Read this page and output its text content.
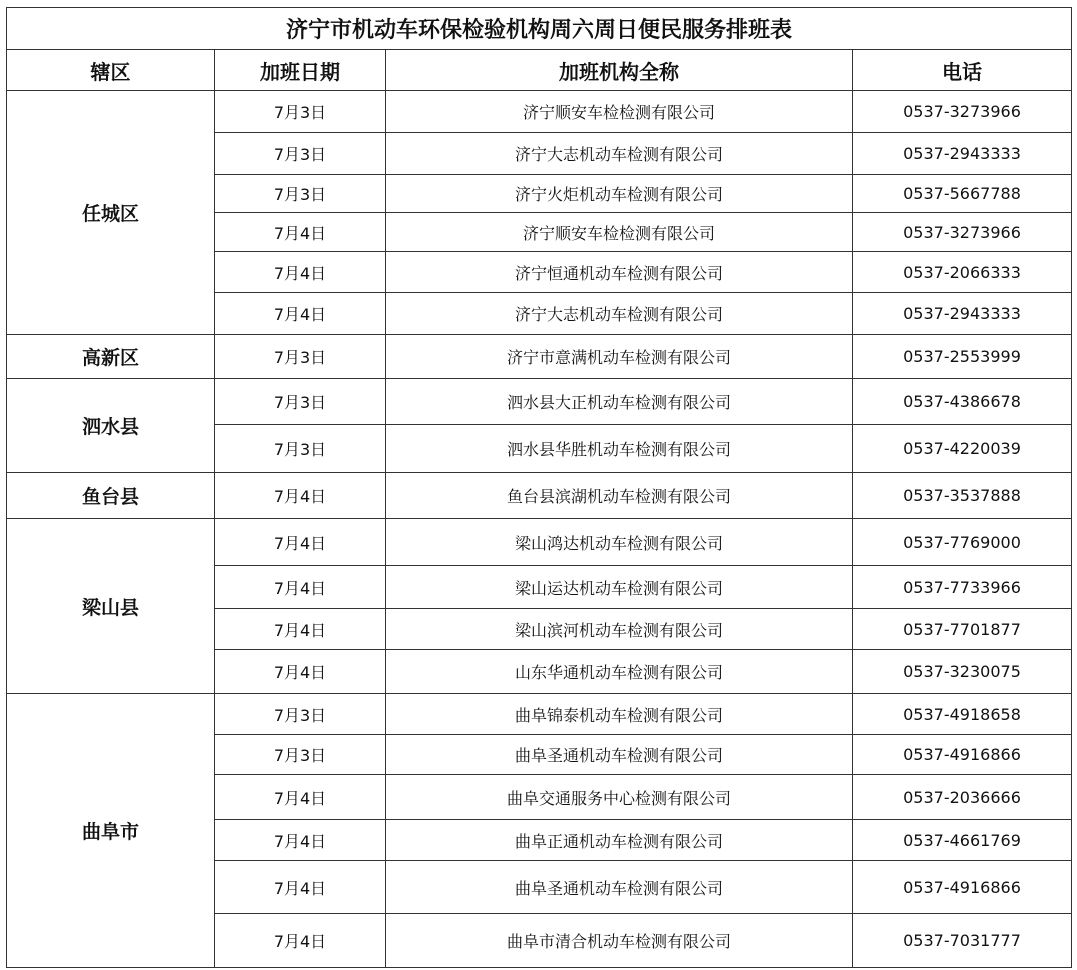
济宁市机动车环保检验机构周六周日便民服务排班表			
辖区	加班日期	加班机构全称	电话
任城区	7月3日	济宁顺安车检检测有限公司	0537-3273966
	7月3日	济宁大志机动车检测有限公司	0537-2943333
	7月3日	济宁火炬机动车检测有限公司	0537-5667788
	7月4日	济宁顺安车检检测有限公司	0537-3273966
	7月4日	济宁恒通机动车检测有限公司	0537-2066333
	7月4日	济宁大志机动车检测有限公司	0537-2943333
高新区	7月3日	济宁市意满机动车检测有限公司	0537-2553999
泗水县	7月3日	泗水县大正机动车检测有限公司	0537-4386678
	7月3日	泗水县华胜机动车检测有限公司	0537-4220039
鱼台县	7月4日	鱼台县滨湖机动车检测有限公司	0537-3537888
梁山县	7月4日	梁山鸿达机动车检测有限公司	0537-7769000
	7月4日	梁山运达机动车检测有限公司	0537-7733966
	7月4日	梁山滨河机动车检测有限公司	0537-7701877
	7月4日	山东华通机动车检测有限公司	0537-3230075
曲阜市	7月3日	曲阜锦泰机动车检测有限公司	0537-4918658
	7月3日	曲阜圣通机动车检测有限公司	0537-4916866
	7月4日	曲阜交通服务中心检测有限公司	0537-2036666
	7月4日	曲阜正通机动车检测有限公司	0537-4661769
	7月4日	曲阜圣通机动车检测有限公司	0537-4916866
	7月4日	曲阜市清合机动车检测有限公司	0537-7031777
